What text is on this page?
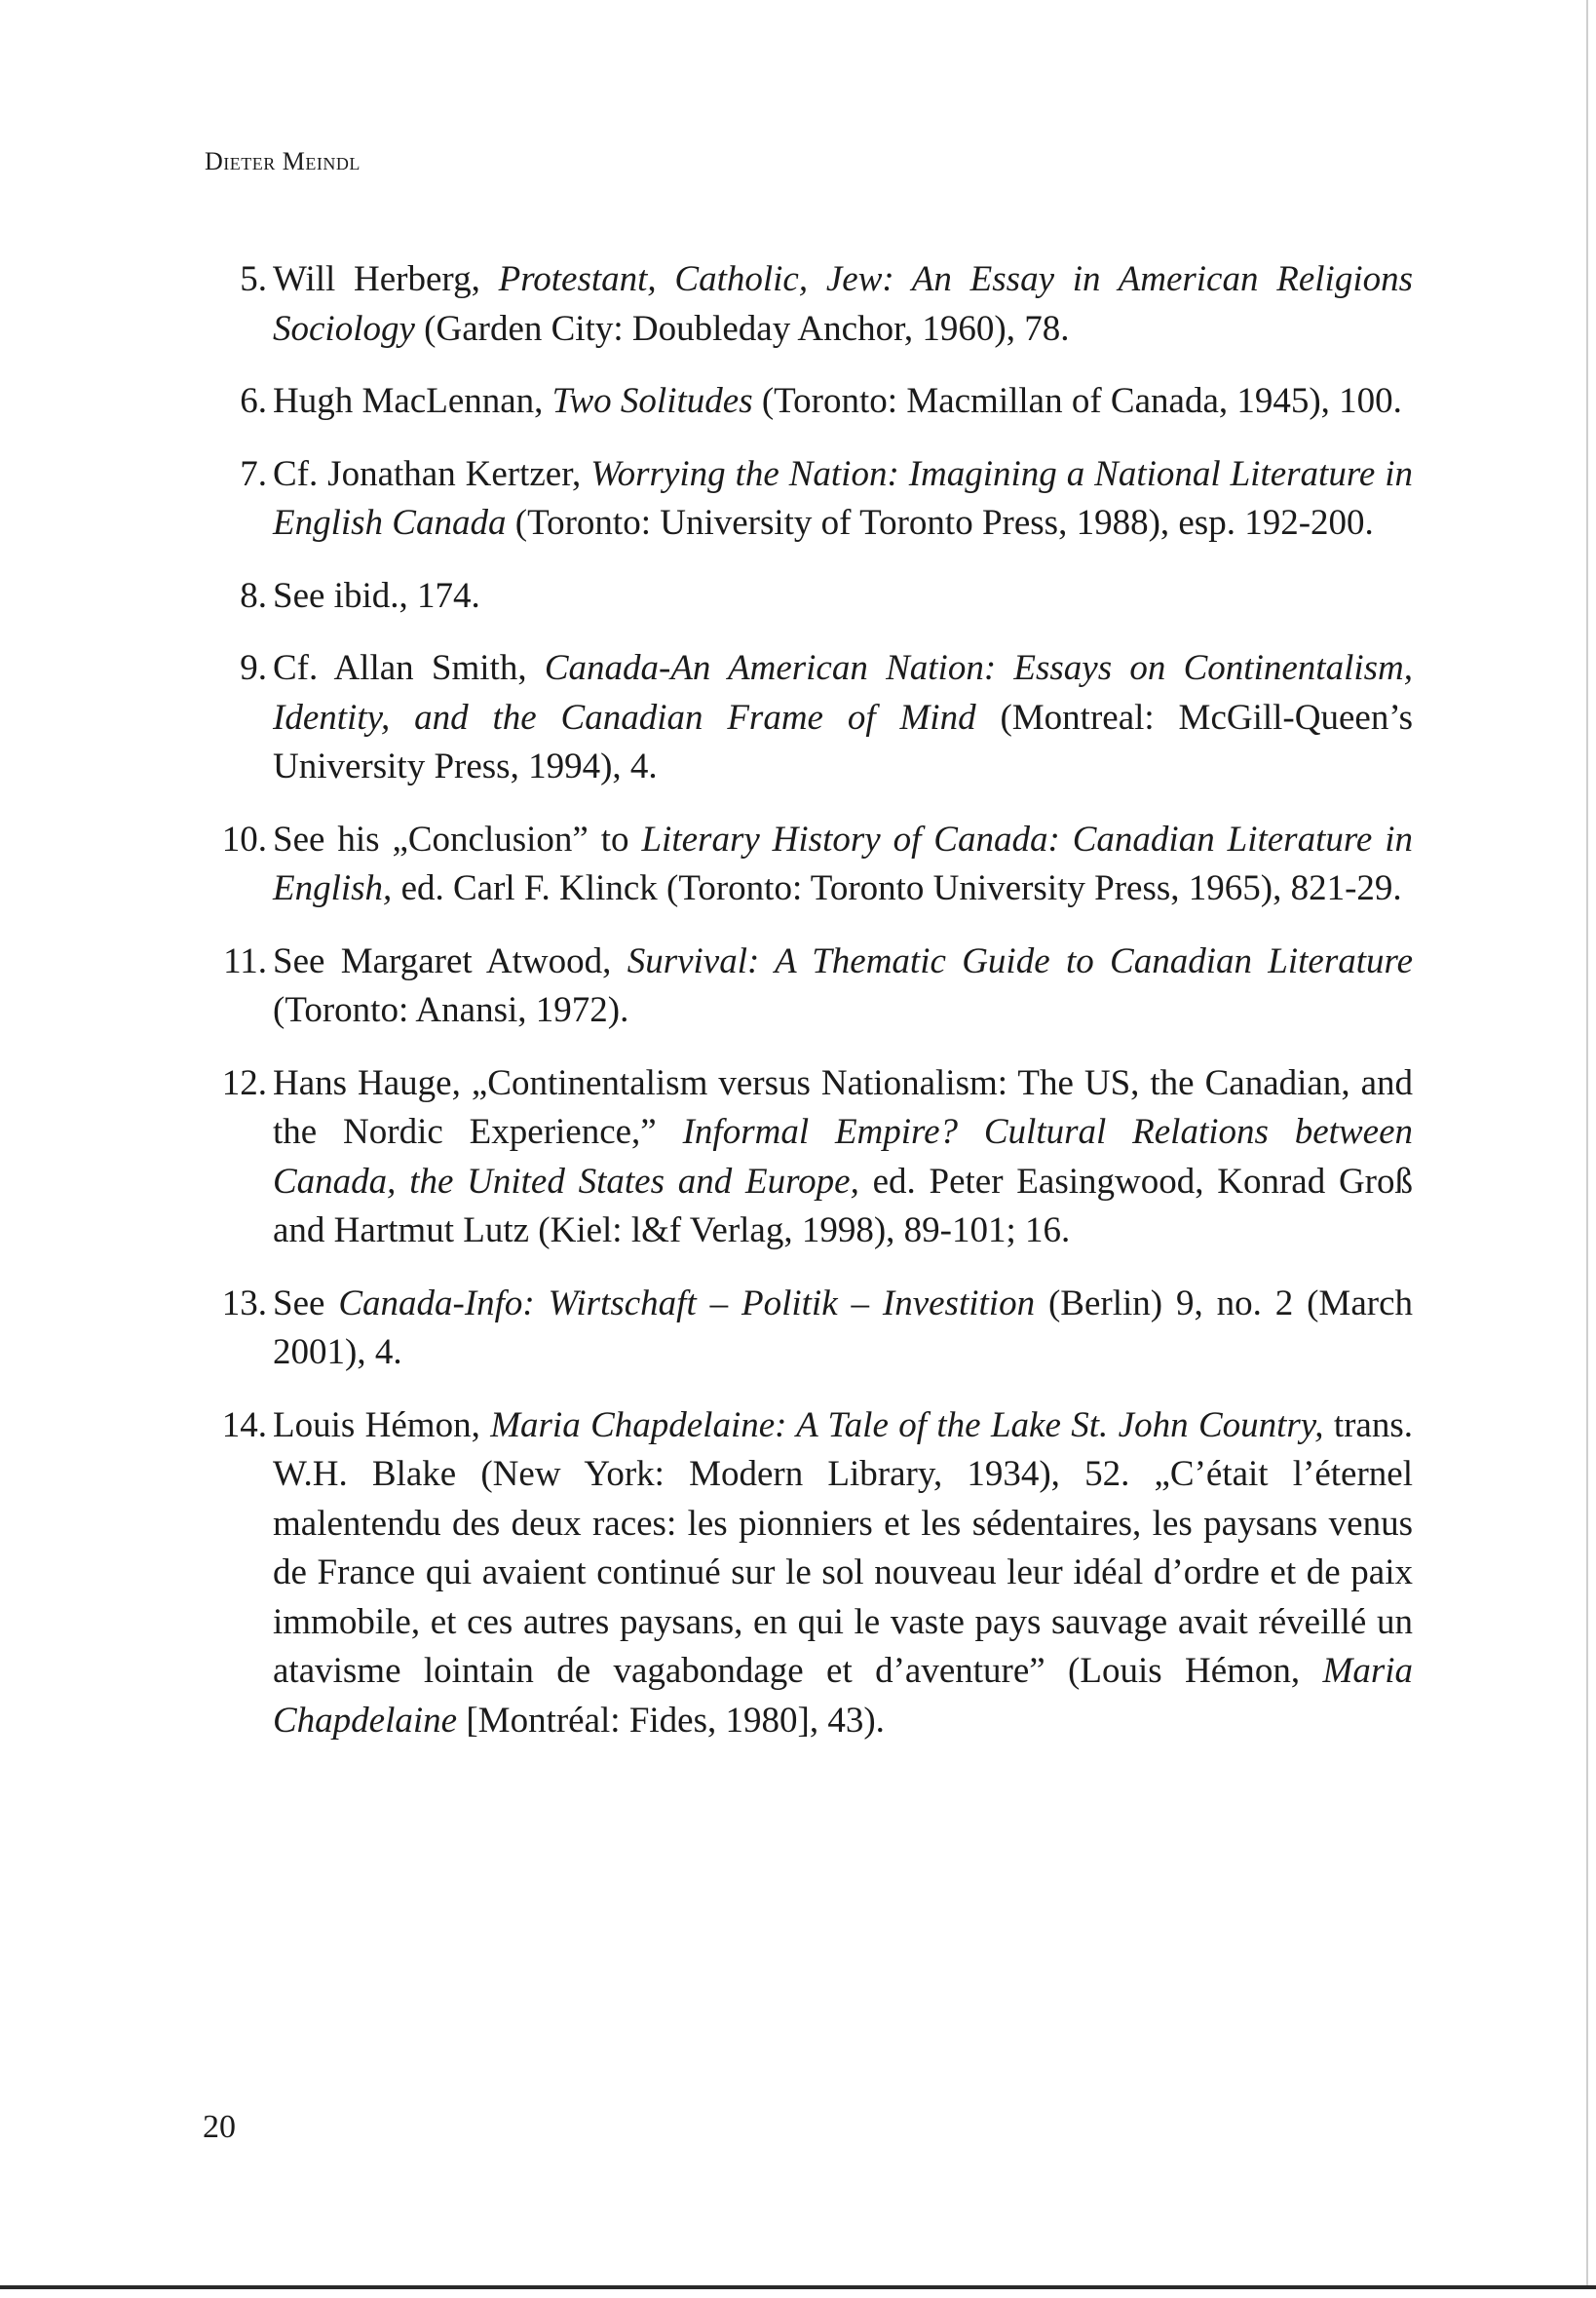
Dieter Meindl
5 . Will Herberg, Protestant, Catholic, Jew: An Essay in American Religions Sociology (Garden City: Doubleday Anchor, 1960), 78.
6 . Hugh MacLennan, Two Solitudes (Toronto: Macmillan of Canada, 1945), 100.
7 . Cf. Jonathan Kertzer, Worrying the Nation: Imagining a National Literature in English Canada (Toronto: University of Toronto Press, 1988), esp. 192-200.
8 . See ibid., 174.
9 . Cf. Allan Smith, Canada-An American Nation: Essays on Continentalism, Identity, and the Canadian Frame of Mind (Montreal: McGill-Queen’s University Press, 1994), 4.
10 . See his „Conclusion” to Literary History of Canada: Canadian Literature in English, ed. Carl F. Klinck (Toronto: Toronto University Press, 1965), 821-29.
11 . See Margaret Atwood, Survival: A Thematic Guide to Canadian Literature (Toronto: Anansi, 1972).
12 . Hans Hauge, „Continentalism versus Nationalism: The US, the Canadian, and the Nordic Experience,” Informal Empire? Cultural Relations between Canada, the United States and Europe, ed. Peter Easingwood, Konrad Groß and Hartmut Lutz (Kiel: l&f Verlag, 1998), 89-101; 16.
13 . See Canada-Info: Wirtschaft – Politik – Investition (Berlin) 9, no. 2 (March 2001), 4.
14 . Louis Hémon, Maria Chapdelaine: A Tale of the Lake St. John Country, trans. W.H. Blake (New York: Modern Library, 1934), 52. „C’était l’éternel malentendu des deux races: les pionniers et les sédentaires, les paysans venus de France qui avaient continué sur le sol nouveau leur idéal d’ordre et de paix immobile, et ces autres paysans, en qui le vaste pays sauvage avait réveillé un atavisme lointain de vagabondage et d’aventure” (Louis Hémon, Maria Chapdelaine [Montréal: Fides, 1980], 43).
20
